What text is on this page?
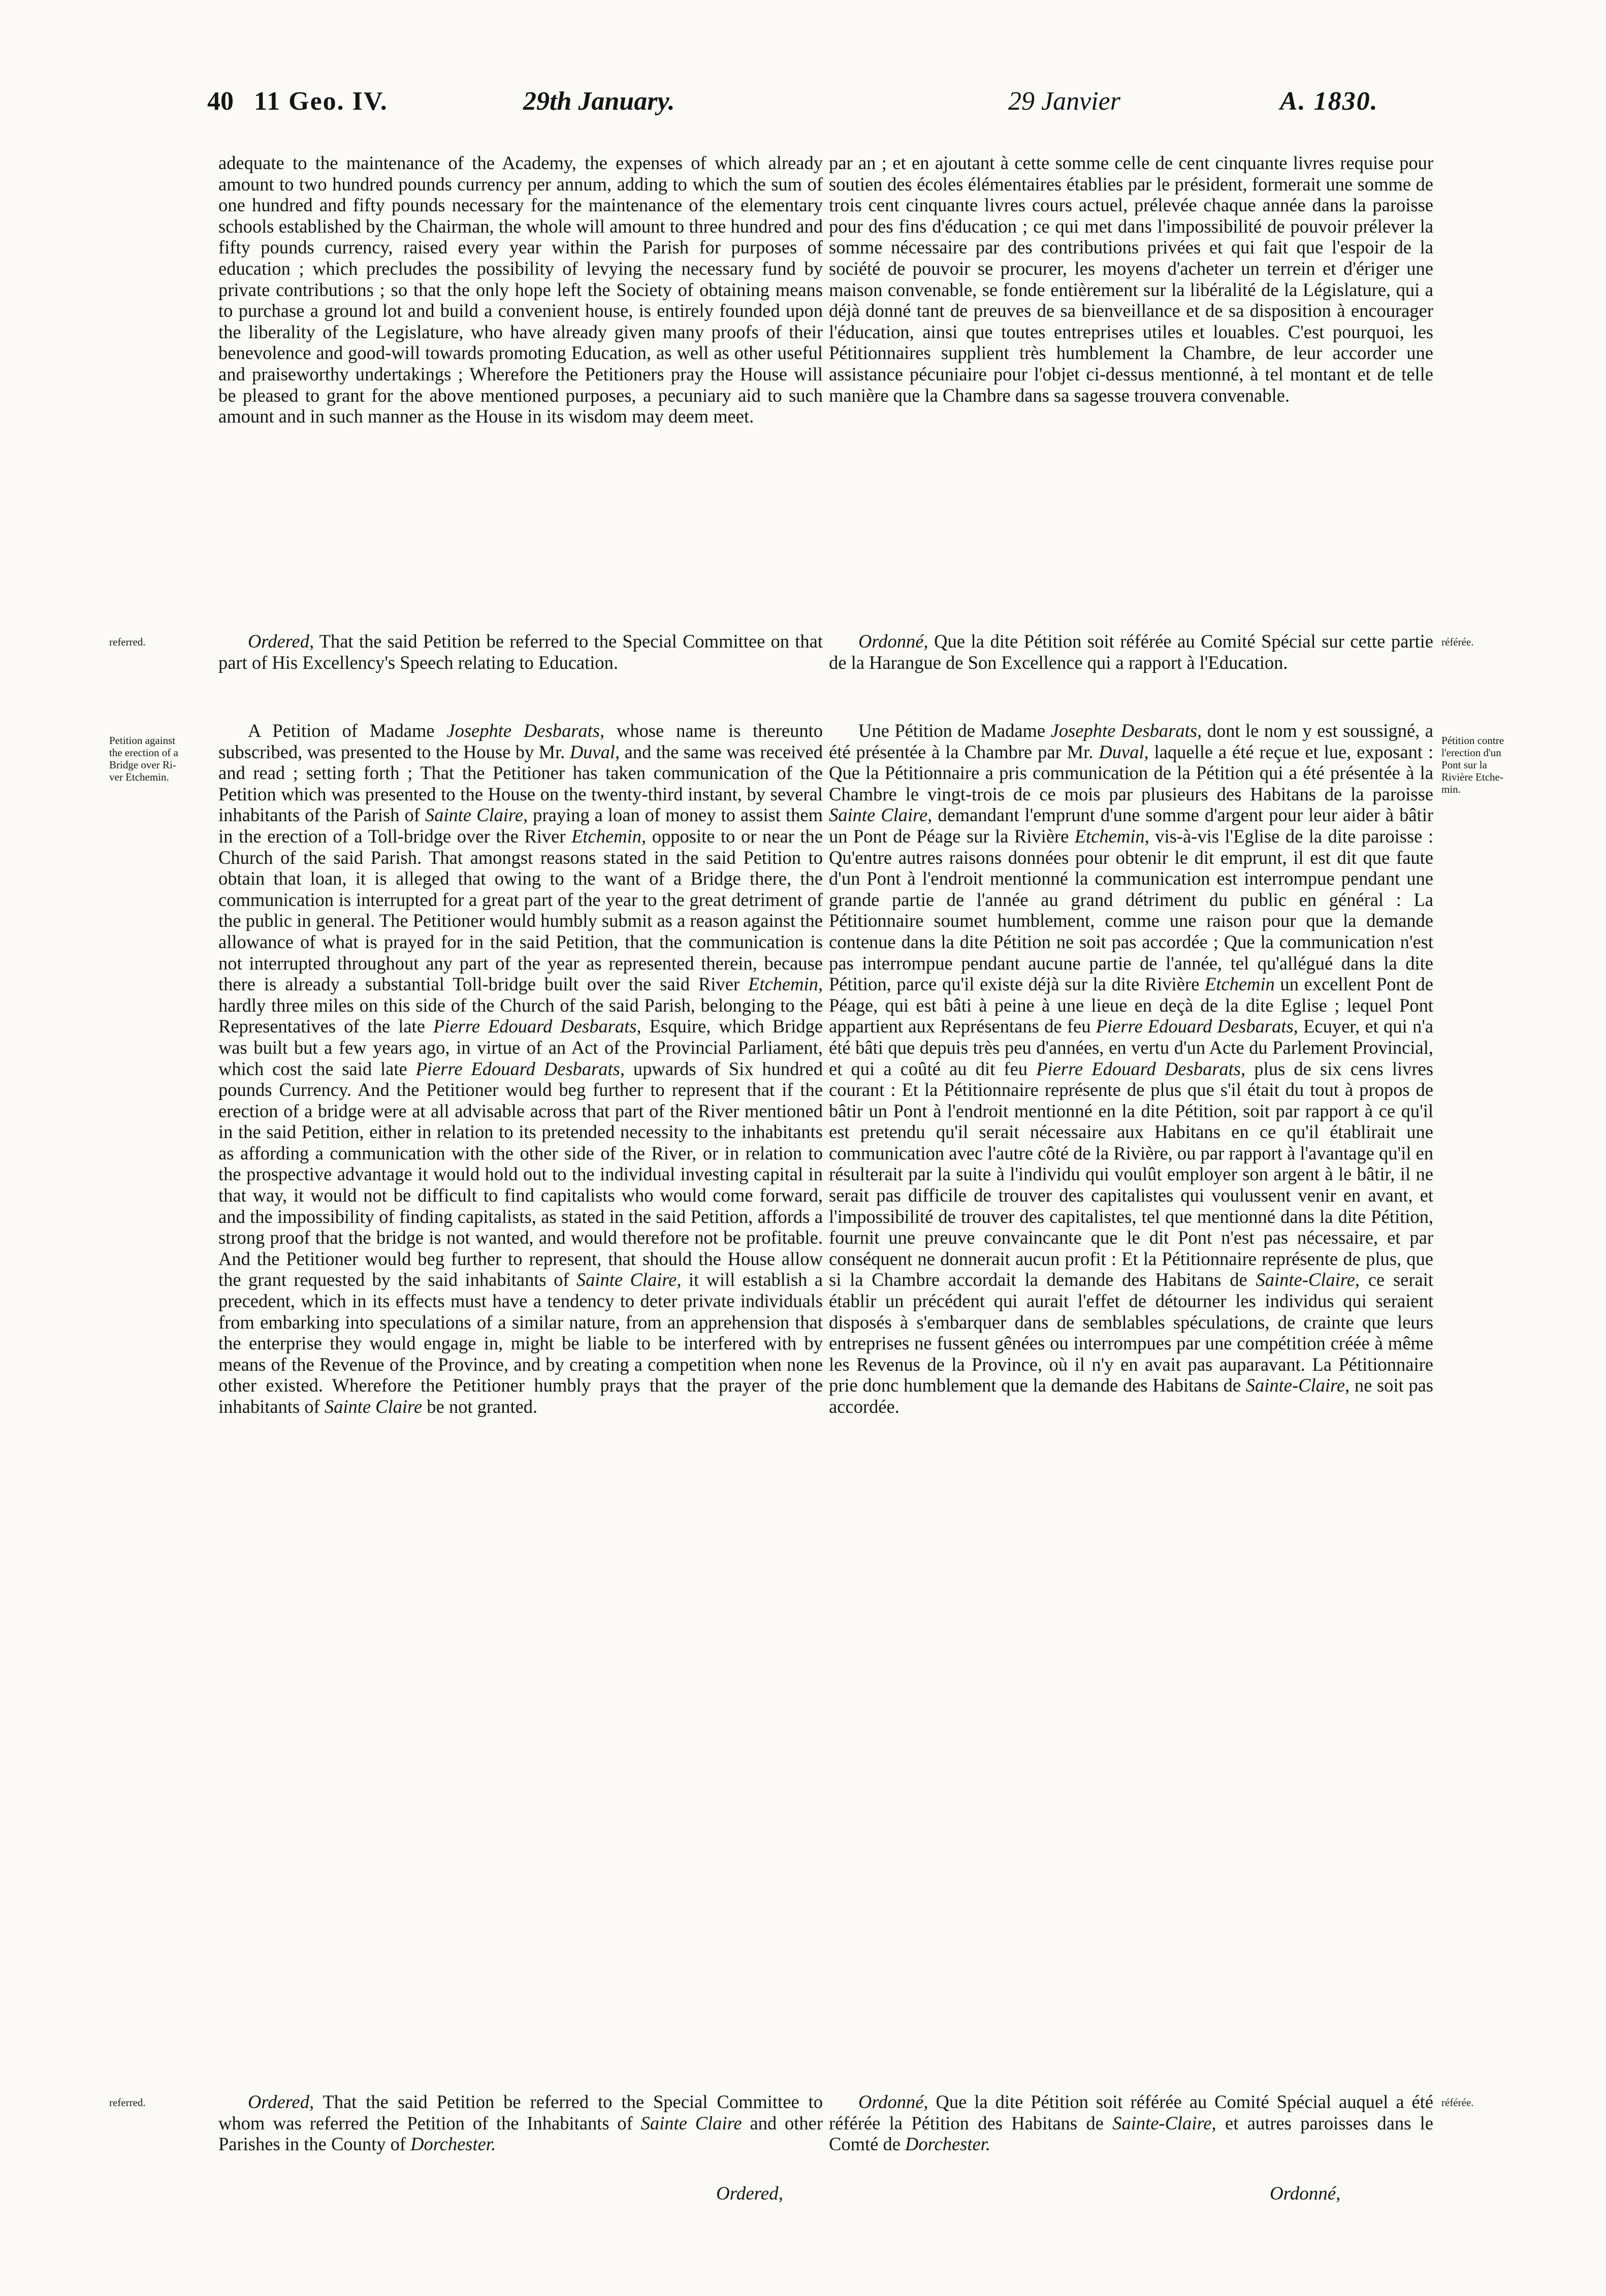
40 11 Geo. IV.	29th January.	29 Janvier	A. 1830.

adequate to the maintenance of the Academy, the expenses of which already amount to two hundred pounds currency per annum, adding to which the sum of one hundred and fifty pounds necessary for the maintenance of the elementary schools established by the Chairman, the whole will amount to three hundred and fifty pounds currency, raised every year within the Parish for purposes of education ; which precludes the possibility of levying the necessary fund by private contributions ; so that the only hope left the Society of obtaining means to purchase a ground lot and build a convenient house, is entirely founded upon the liberality of the Legislature, who have already given many proofs of their benevolence and good-will towards promoting Education, as well as other useful and praiseworthy undertakings ; Wherefore the Petitioners pray the House will be pleased to grant for the above mentioned purposes, a pecuniary aid to such amount and in such manner as the House in its wisdom may deem meet.

Ordered, That the said Petition be referred to the Special Committee on that part of His Excellency's Speech relating to Education.

A Petition of Madame Josephte Desbarats, whose name is thereunto subscribed, was presented to the House by Mr. Duval, and the same was received and read ; setting forth ; That the Petitioner has taken communication of the Petition which was presented to the House on the twenty-third instant, by several inhabitants of the Parish of Sainte Claire, praying a loan of money to assist them in the erection of a Toll-bridge over the River Etchemin, opposite to or near the Church of the said Parish. That amongst reasons stated in the said Petition to obtain that loan, it is alleged that owing to the want of a Bridge there, the communication is interrupted for a great part of the year to the great detriment of the public in general. The Petitioner would humbly submit as a reason against the allowance of what is prayed for in the said Petition, that the communication is not interrupted throughout any part of the year as represented therein, because there is already a substantial Toll-bridge built over the said River Etchemin, hardly three miles on this side of the Church of the said Parish, belonging to the Representatives of the late Pierre Edouard Desbarats, Esquire, which Bridge was built but a few years ago, in virtue of an Act of the Provincial Parliament, which cost the said late Pierre Edouard Desbarats, upwards of Six hundred pounds Currency. And the Petitioner would beg further to represent that if the erection of a bridge were at all advisable across that part of the River mentioned in the said Petition, either in relation to its pretended necessity to the inhabitants as affording a communication with the other side of the River, or in relation to the prospective advantage it would hold out to the individual investing capital in that way, it would not be difficult to find capitalists who would come forward, and the impossibility of finding capitalists, as stated in the said Petition, affords a strong proof that the bridge is not wanted, and would therefore not be profitable. And the Petitioner would beg further to represent, that should the House allow the grant requested by the said inhabitants of Sainte Claire, it will establish a precedent, which in its effects must have a tendency to deter private individuals from embarking into speculations of a similar nature, from an apprehension that the enterprise they would engage in, might be liable to be interfered with by means of the Revenue of the Province, and by creating a competition when none other existed. Wherefore the Petitioner humbly prays that the prayer of the inhabitants of Sainte Claire be not granted.

Ordered, That the said Petition be referred to the Special Committee to whom was referred the Petition of the Inhabitants of Sainte Claire and other Parishes in the County of Dorchester.

Ordered,

par an ; et en ajoutant à cette somme celle de cent cinquante livres requise pour soutien des écoles élémentaires établies par le président, formerait une somme de trois cent cinquante livres cours actuel, prélevée chaque année dans la paroisse pour des fins d'éducation ; ce qui met dans l'impossibilité de pouvoir prélever la somme nécessaire par des contributions privées et qui fait que l'espoir de la société de pouvoir se procurer, les moyens d'acheter un terrein et d'ériger une maison convenable, se fonde entièrement sur la libéralité de la Législature, qui a déjà donné tant de preuves de sa bienveillance et de sa disposition à encourager l'éducation, ainsi que toutes entreprises utiles et louables. C'est pourquoi, les Pétitionnaires supplient très humblement la Chambre, de leur accorder une assistance pécuniaire pour l'objet ci-dessus mentionné, à tel montant et de telle manière que la Chambre dans sa sagesse trouvera convenable.

Ordonné, Que la dite Pétition soit référée au Comité Spécial sur cette partie de la Harangue de Son Excellence qui a rapport à l'Education.

Une Pétition de Madame Josephte Desbarats, dont le nom y est soussigné, a été présentée à la Chambre par Mr. Duval, laquelle a été reçue et lue, exposant : Que la Pétitionnaire a pris communication de la Pétition qui a été présentée à la Chambre le vingt-trois de ce mois par plusieurs des Habitans de la paroisse Sainte Claire, demandant l'emprunt d'une somme d'argent pour leur aider à bâtir un Pont de Péage sur la Rivière Etchemin, vis-à-vis l'Eglise de la dite paroisse : Qu'entre autres raisons données pour obtenir le dit emprunt, il est dit que faute d'un Pont à l'endroit mentionné la communication est interrompue pendant une grande partie de l'année au grand détriment du public en général : La Pétitionnaire soumet humblement, comme une raison pour que la demande contenue dans la dite Pétition ne soit pas accordée ; Que la communication n'est pas interrompue pendant aucune partie de l'année, tel qu'allégué dans la dite Pétition, parce qu'il existe déjà sur la dite Rivière Etchemin un excellent Pont de Péage, qui est bâti à peine à une lieue en deçà de la dite Eglise ; lequel Pont appartient aux Représentans de feu Pierre Edouard Desbarats, Ecuyer, et qui n'a été bâti que depuis très peu d'années, en vertu d'un Acte du Parlement Provincial, et qui a coûté au dit feu Pierre Edouard Desbarats, plus de six cens livres courant : Et la Pétitionnaire représente de plus que s'il était du tout à propos de bâtir un Pont à l'endroit mentionné en la dite Pétition, soit par rapport à ce qu'il est pretendu qu'il serait nécessaire aux Habitans en ce qu'il établirait une communication avec l'autre côté de la Rivière, ou par rapport à l'avantage qu'il en résulterait par la suite à l'individu qui voulût employer son argent à le bâtir, il ne serait pas difficile de trouver des capitalistes qui voulussent venir en avant, et l'impossibilité de trouver des capitalistes, tel que mentionné dans la dite Pétition, fournit une preuve convaincante que le dit Pont n'est pas nécessaire, et par conséquent ne donnerait aucun profit : Et la Pétitionnaire représente de plus, que si la Chambre accordait la demande des Habitans de Sainte-Claire, ce serait établir un précédent qui aurait l'effet de détourner les individus qui seraient disposés à s'embarquer dans de semblables spéculations, de crainte que leurs entreprises ne fussent gênées ou interrompues par une compétition créée à même les Revenus de la Province, où il n'y en avait pas auparavant. La Pétitionnaire prie donc humblement que la demande des Habitans de Sainte-Claire, ne soit pas accordée.

Ordonné, Que la dite Pétition soit référée au Comité Spécial auquel a été référée la Pétition des Habitans de Sainte-Claire, et autres paroisses dans le Comté de Dorchester.

Ordonné,
referred.
Petition against
the erection of a
Bridge over Ri-
ver Etchemin.
referred.
référée.
Pétition contre
l'erection d'un
Pont sur la
Rivière Etche-
min.
référée.
